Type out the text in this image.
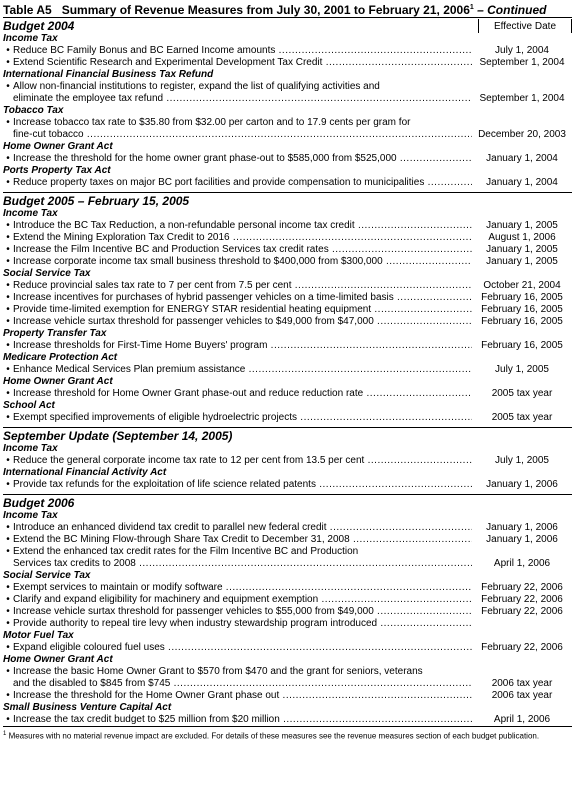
Table A5 Summary of Revenue Measures from July 30, 2001 to February 21, 2006$^1$ – Continued
Budget 2004	Effective Date
Income Tax
• Reduce BC Family Bonus and BC Earned Income amounts .....	July 1, 2004
• Extend Scientific Research and Experimental Development Tax Credit .....	September 1, 2004
International Financial Business Tax Refund
• Allow non-financial institutions to register, expand the list of qualifying activities and
eliminate the employee tax refund .....	September 1, 2004
Tobacco Tax
• Increase tobacco tax rate to $35.80 from $32.00 per carton and to 17.9 cents per gram for
fine-cut tobacco .....	December 20, 2003
Home Owner Grant Act
• Increase the threshold for the home owner grant phase-out to $585,000 from $525,000 .....	January 1, 2004
Ports Property Tax Act
• Reduce property taxes on major BC port facilities and provide compensation to municipalities .....	January 1, 2004
Budget 2005 – February 15, 2005
Income Tax
• Introduce the BC Tax Reduction, a non-refundable personal income tax credit .....	January 1, 2005
• Extend the Mining Exploration Tax Credit to 2016 .....	August 1, 2006
• Increase the Film Incentive BC and Production Services tax credit rates .....	January 1, 2005
• Increase corporate income tax small business threshold to $400,000 from $300,000 .....	January 1, 2005
Social Service Tax
• Reduce provincial sales tax rate to 7 per cent from 7.5 per cent .....	October 21, 2004
• Increase incentives for purchases of hybrid passenger vehicles on a time-limited basis .....	February 16, 2005
• Provide time-limited exemption for ENERGY STAR residential heating equipment .....	February 16, 2005
• Increase vehicle surtax threshold for passenger vehicles to $49,000 from $47,000 .....	February 16, 2005
Property Transfer Tax
• Increase thresholds for First-Time Home Buyers' program .....	February 16, 2005
Medicare Protection Act
• Enhance Medical Services Plan premium assistance .....	July 1, 2005
Home Owner Grant Act
• Increase threshold for Home Owner Grant phase-out and reduce reduction rate .....	2005 tax year
School Act
• Exempt specified improvements of eligible hydroelectric projects .....	2005 tax year
September Update (September 14, 2005)
Income Tax
• Reduce the general corporate income tax rate to 12 per cent from 13.5 per cent .....	July 1, 2005
International Financial Activity Act
• Provide tax refunds for the exploitation of life science related patents .....	January 1, 2006
Budget 2006
Income Tax
• Introduce an enhanced dividend tax credit to parallel new federal credit .....	January 1, 2006
• Extend the BC Mining Flow-through Share Tax Credit to December 31, 2008 .....	January 1, 2006
• Extend the enhanced tax credit rates for the Film Incentive BC and Production
Services tax credits to 2008 .....	April 1, 2006
Social Service Tax
• Exempt services to maintain or modify software .....	February 22, 2006
• Clarify and expand eligibility for machinery and equipment exemption .....	February 22, 2006
• Increase vehicle surtax threshold for passenger vehicles to $55,000 from $49,000 .....	February 22, 2006
• Provide authority to repeal tire levy when industry stewardship program introduced .....
Motor Fuel Tax
• Expand eligible coloured fuel uses .....	February 22, 2006
Home Owner Grant Act
• Increase the basic Home Owner Grant to $570 from $470 and the grant for seniors, veterans
and the disabled to $845 from $745 .....	2006 tax year
• Increase the threshold for the Home Owner Grant phase out .....	2006 tax year
Small Business Venture Capital Act
• Increase the tax credit budget to $25 million from $20 million .....	April 1, 2006
$^1$ Measures with no material revenue impact are excluded. For details of these measures see the revenue measures section of each budget publication.
